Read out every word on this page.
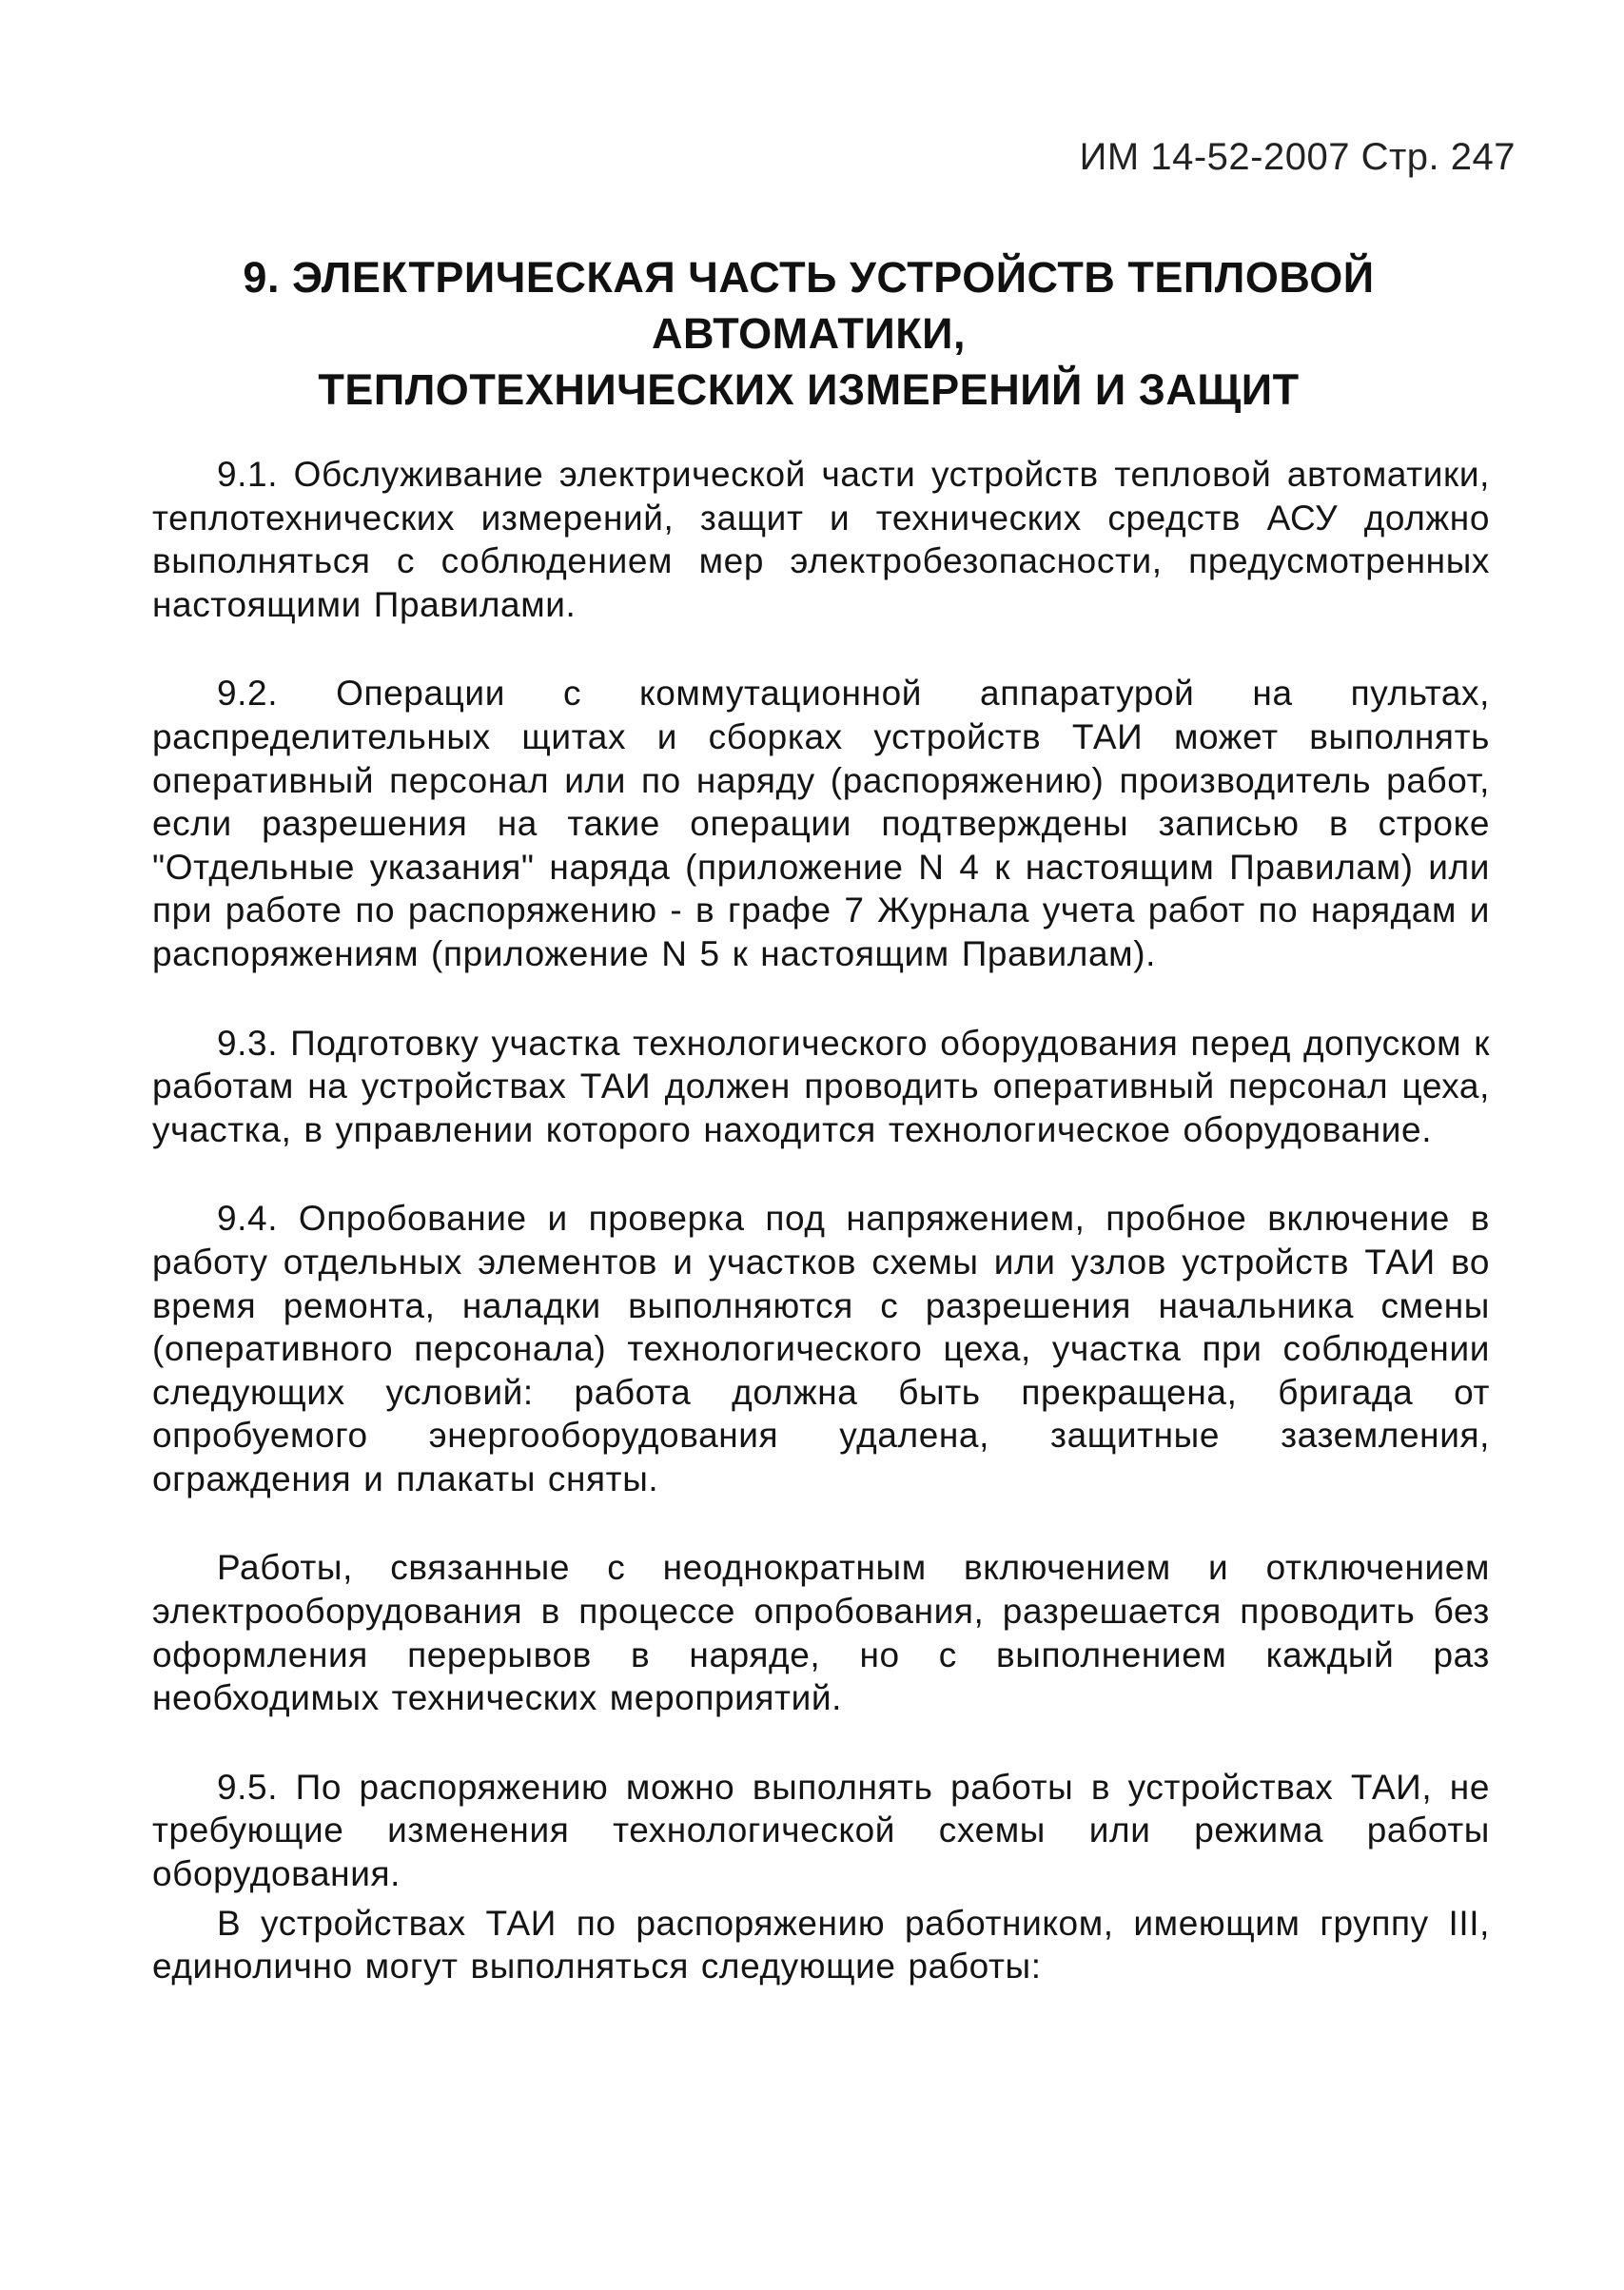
ИМ 14-52-2007 Стр. 247
9. ЭЛЕКТРИЧЕСКАЯ ЧАСТЬ УСТРОЙСТВ ТЕПЛОВОЙ
АВТОМАТИКИ,
ТЕПЛОТЕХНИЧЕСКИХ ИЗМЕРЕНИЙ И ЗАЩИТ

9.1. Обслуживание электрической части устройств тепловой автоматики, теплотехнических измерений, защит и технических средств АСУ должно выполняться с соблюдением мер электробезопасности, предусмотренных настоящими Правилами.

9.2. Операции с коммутационной аппаратурой на пультах, распределительных щитах и сборках устройств ТАИ может выполнять оперативный персонал или по наряду (распоряжению) производитель работ, если разрешения на такие операции подтверждены записью в строке "Отдельные указания" наряда (приложение N 4 к настоящим Правилам) или при работе по распоряжению - в графе 7 Журнала учета работ по нарядам и распоряжениям (приложение N 5 к настоящим Правилам).

9.3. Подготовку участка технологического оборудования перед допуском к работам на устройствах ТАИ должен проводить оперативный персонал цеха, участка, в управлении которого находится технологическое оборудование.

9.4. Опробование и проверка под напряжением, пробное включение в работу отдельных элементов и участков схемы или узлов устройств ТАИ во время ремонта, наладки выполняются с разрешения начальника смены (оперативного персонала) технологического цеха, участка при соблюдении следующих условий: работа должна быть прекращена, бригада от опробуемого энергооборудования удалена, защитные заземления, ограждения и плакаты сняты.

Работы, связанные с неоднократным включением и отключением электрооборудования в процессе опробования, разрешается проводить без оформления перерывов в наряде, но с выполнением каждый раз необходимых технических мероприятий.

9.5. По распоряжению можно выполнять работы в устройствах ТАИ, не требующие изменения технологической схемы или режима работы оборудования.

В устройствах ТАИ по распоряжению работником, имеющим группу III, единолично могут выполняться следующие работы:
